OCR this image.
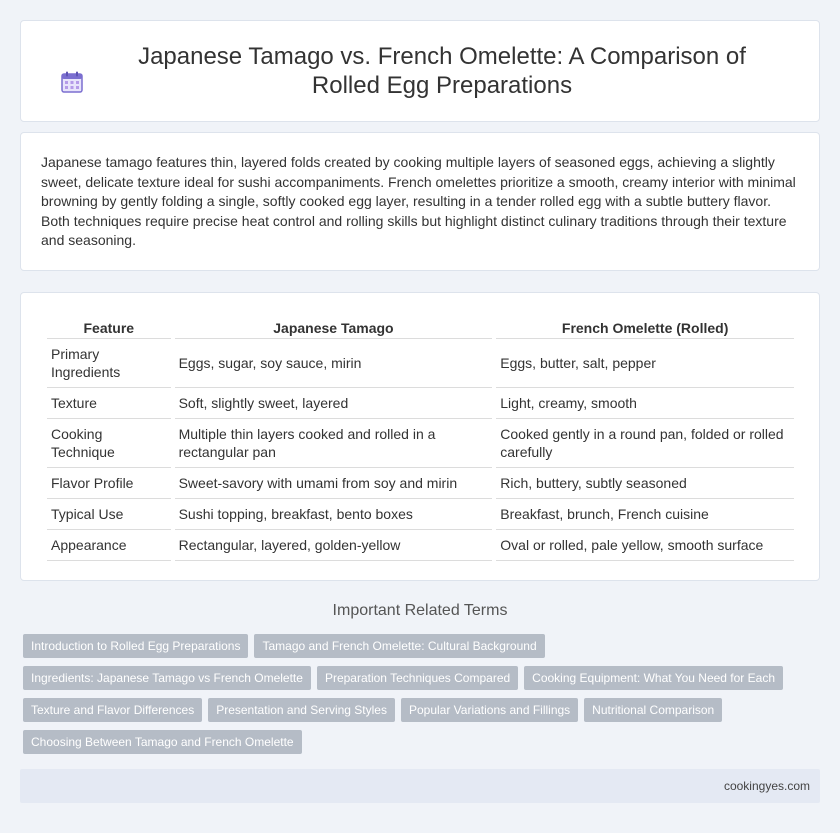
Japanese Tamago vs. French Omelette: A Comparison of Rolled Egg Preparations

Japanese tamago features thin, layered folds created by cooking multiple layers of seasoned eggs, achieving a slightly sweet, delicate texture ideal for sushi accompaniments. French omelettes prioritize a smooth, creamy interior with minimal browning by gently folding a single, softly cooked egg layer, resulting in a tender rolled egg with a subtle buttery flavor. Both techniques require precise heat control and rolling skills but highlight distinct culinary traditions through their texture and seasoning.

Feature	Japanese Tamago	French Omelette (Rolled)
Primary Ingredients	Eggs, sugar, soy sauce, mirin	Eggs, butter, salt, pepper
Texture	Soft, slightly sweet, layered	Light, creamy, smooth
Cooking Technique	Multiple thin layers cooked and rolled in a rectangular pan	Cooked gently in a round pan, folded or rolled carefully
Flavor Profile	Sweet-savory with umami from soy and mirin	Rich, buttery, subtly seasoned
Typical Use	Sushi topping, breakfast, bento boxes	Breakfast, brunch, French cuisine
Appearance	Rectangular, layered, golden-yellow	Oval or rolled, pale yellow, smooth surface
Important Related Terms
Introduction to Rolled Egg Preparations	Tamago and French Omelette: Cultural Background
Ingredients: Japanese Tamago vs French Omelette	Preparation Techniques Compared	Cooking Equipment: What You Need for Each
Texture and Flavor Differences	Presentation and Serving Styles	Popular Variations and Fillings	Nutritional Comparison
Choosing Between Tamago and French Omelette
cookingyes.com
